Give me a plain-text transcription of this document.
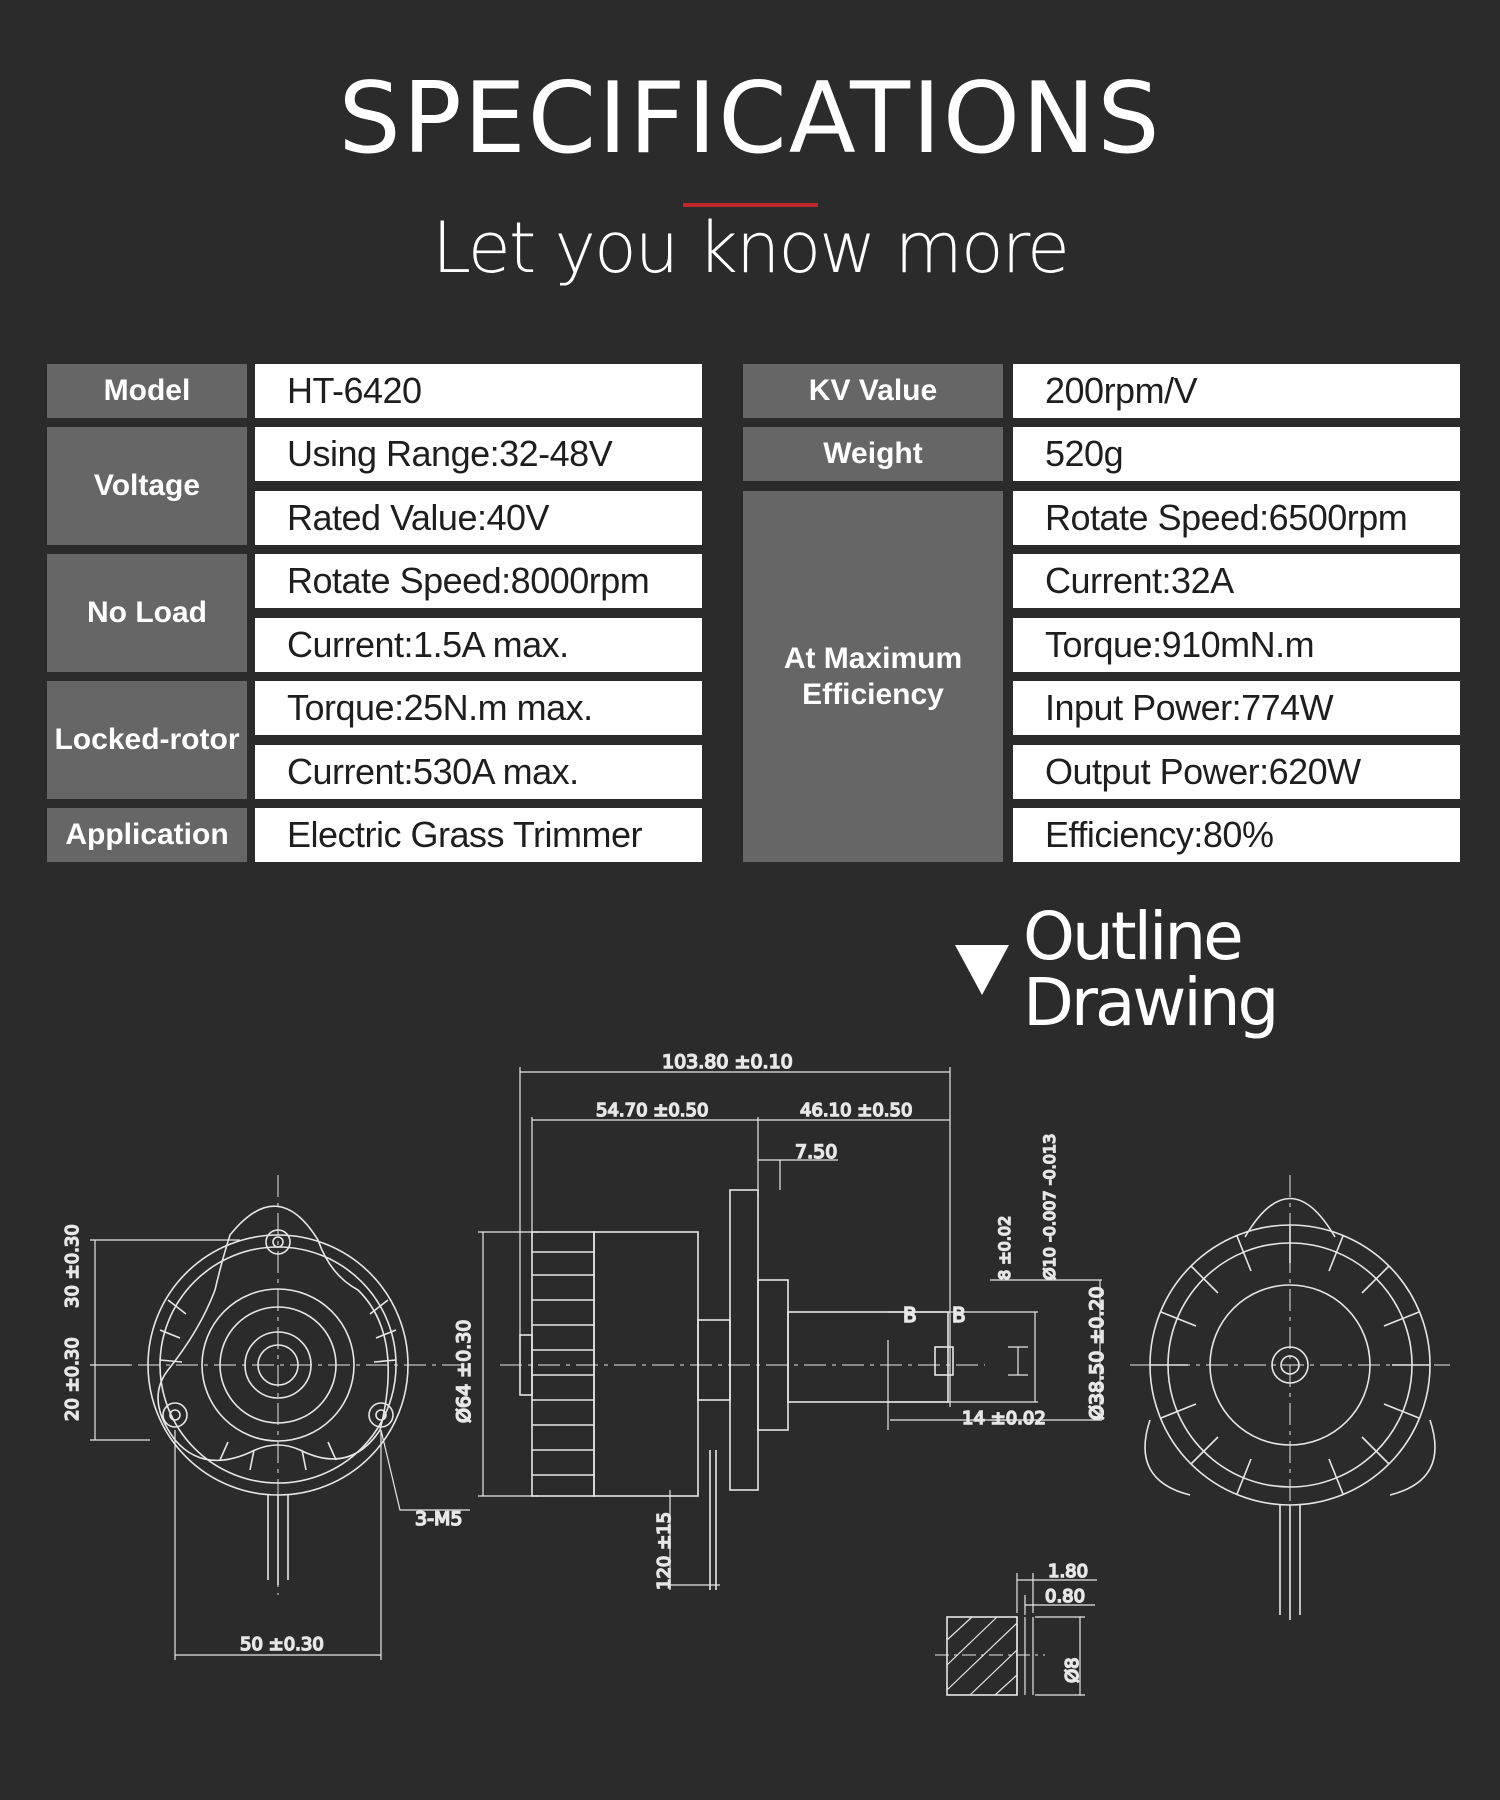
SPECIFICATIONS
Let you know more
Model	HT-6420
Voltage
Using Range:32-48V
Rated Value:40V
No Load
Rotate Speed:8000rpm
Current:1.5A max.
Locked-rotor
Torque:25N.m max.
Current:530A max.
Application	Electric Grass Trimmer
KV Value	200rpm/V
Weight	520g
At Maximum Efficiency
Rotate Speed:6500rpm
Current:32A
Torque:910mN.m
Input Power:774W
Output Power:620W
Efficiency:80%
Outline Drawing
30 ±0.30
20 ±0.30
50 ±0.30
3-M5
103.80 ±0.10
54.70 ±0.50	46.10 ±0.50
7.50
Ø64 ±0.30
8 ±0.02 Ø10 -0.007 -0.013
Ø38.50 ±0.20
14 ±0.02
B B
120 ±15	1.80
0.80
Ø8
